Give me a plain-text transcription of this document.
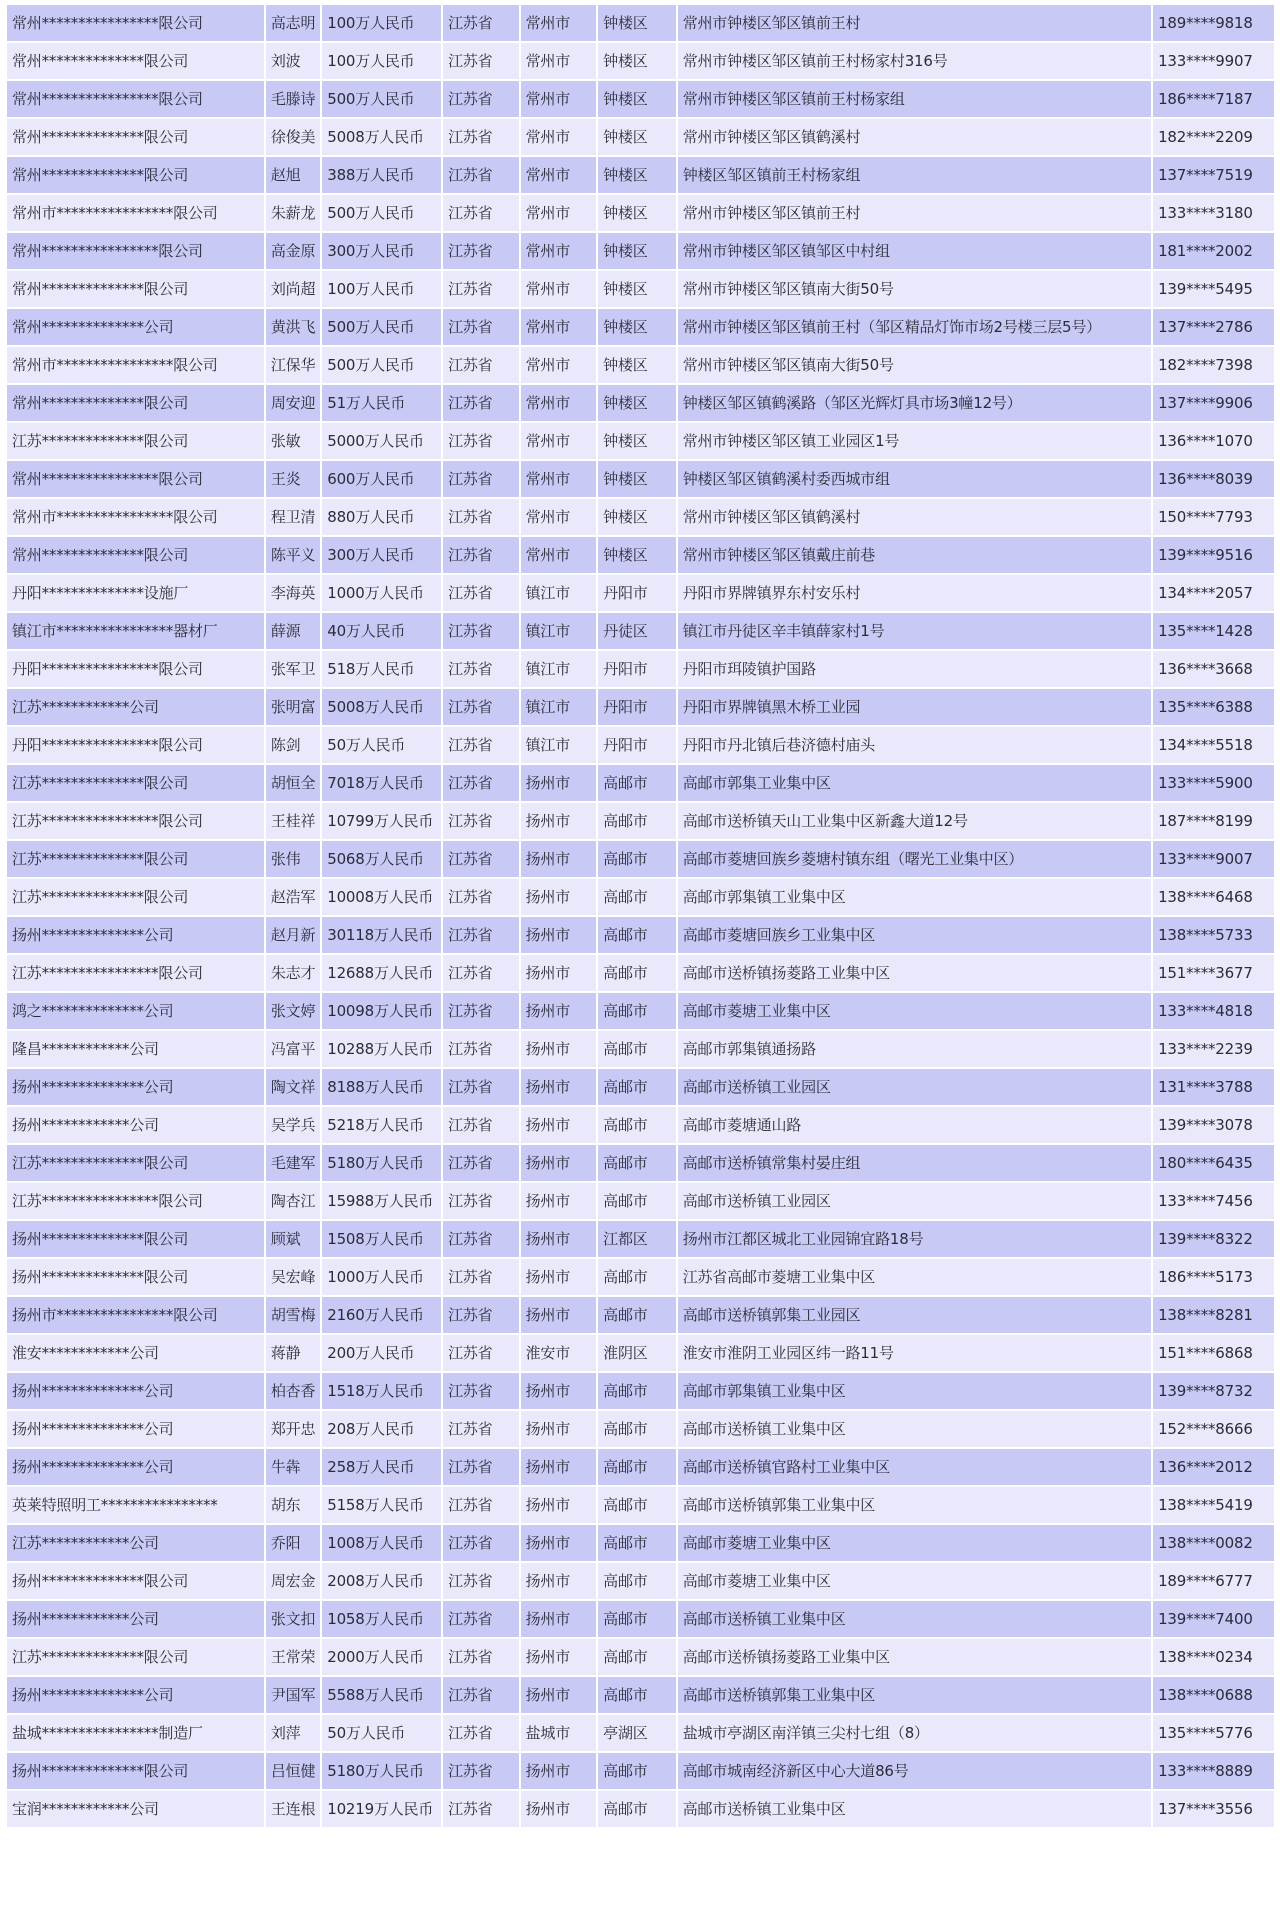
常州****************限公司	高志明	100万人民币	江苏省	常州市	钟楼区	常州市钟楼区邹区镇前王村	189****9818
常州**************限公司	刘波	100万人民币	江苏省	常州市	钟楼区	常州市钟楼区邹区镇前王村杨家村316号	133****9907
常州****************限公司	毛滕诗	500万人民币	江苏省	常州市	钟楼区	常州市钟楼区邹区镇前王村杨家组	186****7187
常州**************限公司	徐俊美	5008万人民币	江苏省	常州市	钟楼区	常州市钟楼区邹区镇鹤溪村	182****2209
常州**************限公司	赵旭	388万人民币	江苏省	常州市	钟楼区	钟楼区邹区镇前王村杨家组	137****7519
常州市****************限公司	朱薪龙	500万人民币	江苏省	常州市	钟楼区	常州市钟楼区邹区镇前王村	133****3180
常州****************限公司	高金原	300万人民币	江苏省	常州市	钟楼区	常州市钟楼区邹区镇邹区中村组	181****2002
常州**************限公司	刘尚超	100万人民币	江苏省	常州市	钟楼区	常州市钟楼区邹区镇南大街50号	139****5495
常州**************公司	黄洪飞	500万人民币	江苏省	常州市	钟楼区	常州市钟楼区邹区镇前王村（邹区精品灯饰市场2号楼三层5号）	137****2786
常州市****************限公司	江保华	500万人民币	江苏省	常州市	钟楼区	常州市钟楼区邹区镇南大街50号	182****7398
常州**************限公司	周安迎	51万人民币	江苏省	常州市	钟楼区	钟楼区邹区镇鹤溪路（邹区光辉灯具市场3幢12号）	137****9906
江苏**************限公司	张敏	5000万人民币	江苏省	常州市	钟楼区	常州市钟楼区邹区镇工业园区1号	136****1070
常州****************限公司	王炎	600万人民币	江苏省	常州市	钟楼区	钟楼区邹区镇鹤溪村委西城市组	136****8039
常州市****************限公司	程卫清	880万人民币	江苏省	常州市	钟楼区	常州市钟楼区邹区镇鹤溪村	150****7793
常州**************限公司	陈平义	300万人民币	江苏省	常州市	钟楼区	常州市钟楼区邹区镇戴庄前巷	139****9516
丹阳**************设施厂	李海英	1000万人民币	江苏省	镇江市	丹阳市	丹阳市界牌镇界东村安乐村	134****2057
镇江市****************器材厂	薛源	40万人民币	江苏省	镇江市	丹徒区	镇江市丹徒区辛丰镇薛家村1号	135****1428
丹阳****************限公司	张军卫	518万人民币	江苏省	镇江市	丹阳市	丹阳市珥陵镇护国路	136****3668
江苏************公司	张明富	5008万人民币	江苏省	镇江市	丹阳市	丹阳市界牌镇黑木桥工业园	135****6388
丹阳****************限公司	陈剑	50万人民币	江苏省	镇江市	丹阳市	丹阳市丹北镇后巷济德村庙头	134****5518
江苏**************限公司	胡恒全	7018万人民币	江苏省	扬州市	高邮市	高邮市郭集工业集中区	133****5900
江苏****************限公司	王桂祥	10799万人民币	江苏省	扬州市	高邮市	高邮市送桥镇天山工业集中区新鑫大道12号	187****8199
江苏**************限公司	张伟	5068万人民币	江苏省	扬州市	高邮市	高邮市菱塘回族乡菱塘村镇东组（曙光工业集中区）	133****9007
江苏**************限公司	赵浩军	10008万人民币	江苏省	扬州市	高邮市	高邮市郭集镇工业集中区	138****6468
扬州**************公司	赵月新	30118万人民币	江苏省	扬州市	高邮市	高邮市菱塘回族乡工业集中区	138****5733
江苏****************限公司	朱志才	12688万人民币	江苏省	扬州市	高邮市	高邮市送桥镇扬菱路工业集中区	151****3677
鸿之**************公司	张文婷	10098万人民币	江苏省	扬州市	高邮市	高邮市菱塘工业集中区	133****4818
隆昌************公司	冯富平	10288万人民币	江苏省	扬州市	高邮市	高邮市郭集镇通扬路	133****2239
扬州**************公司	陶文祥	8188万人民币	江苏省	扬州市	高邮市	高邮市送桥镇工业园区	131****3788
扬州************公司	吴学兵	5218万人民币	江苏省	扬州市	高邮市	高邮市菱塘通山路	139****3078
江苏**************限公司	毛建军	5180万人民币	江苏省	扬州市	高邮市	高邮市送桥镇常集村晏庄组	180****6435
江苏****************限公司	陶杏江	15988万人民币	江苏省	扬州市	高邮市	高邮市送桥镇工业园区	133****7456
扬州**************限公司	顾斌	1508万人民币	江苏省	扬州市	江都区	扬州市江都区城北工业园锦宜路18号	139****8322
扬州**************限公司	吴宏峰	1000万人民币	江苏省	扬州市	高邮市	江苏省高邮市菱塘工业集中区	186****5173
扬州市****************限公司	胡雪梅	2160万人民币	江苏省	扬州市	高邮市	高邮市送桥镇郭集工业园区	138****8281
淮安************公司	蒋静	200万人民币	江苏省	淮安市	淮阴区	淮安市淮阴工业园区纬一路11号	151****6868
扬州**************公司	柏杏香	1518万人民币	江苏省	扬州市	高邮市	高邮市郭集镇工业集中区	139****8732
扬州**************公司	郑开忠	208万人民币	江苏省	扬州市	高邮市	高邮市送桥镇工业集中区	152****8666
扬州**************公司	牛犇	258万人民币	江苏省	扬州市	高邮市	高邮市送桥镇官路村工业集中区	136****2012
英莱特照明工****************	胡东	5158万人民币	江苏省	扬州市	高邮市	高邮市送桥镇郭集工业集中区	138****5419
江苏************公司	乔阳	1008万人民币	江苏省	扬州市	高邮市	高邮市菱塘工业集中区	138****0082
扬州**************限公司	周宏金	2008万人民币	江苏省	扬州市	高邮市	高邮市菱塘工业集中区	189****6777
扬州************公司	张文扣	1058万人民币	江苏省	扬州市	高邮市	高邮市送桥镇工业集中区	139****7400
江苏**************限公司	王常荣	2000万人民币	江苏省	扬州市	高邮市	高邮市送桥镇扬菱路工业集中区	138****0234
扬州**************公司	尹国军	5588万人民币	江苏省	扬州市	高邮市	高邮市送桥镇郭集工业集中区	138****0688
盐城****************制造厂	刘萍	50万人民币	江苏省	盐城市	亭湖区	盐城市亭湖区南洋镇三尖村七组（8）	135****5776
扬州**************限公司	吕恒健	5180万人民币	江苏省	扬州市	高邮市	高邮市城南经济新区中心大道86号	133****8889
宝润************公司	王连根	10219万人民币	江苏省	扬州市	高邮市	高邮市送桥镇工业集中区	137****3556
